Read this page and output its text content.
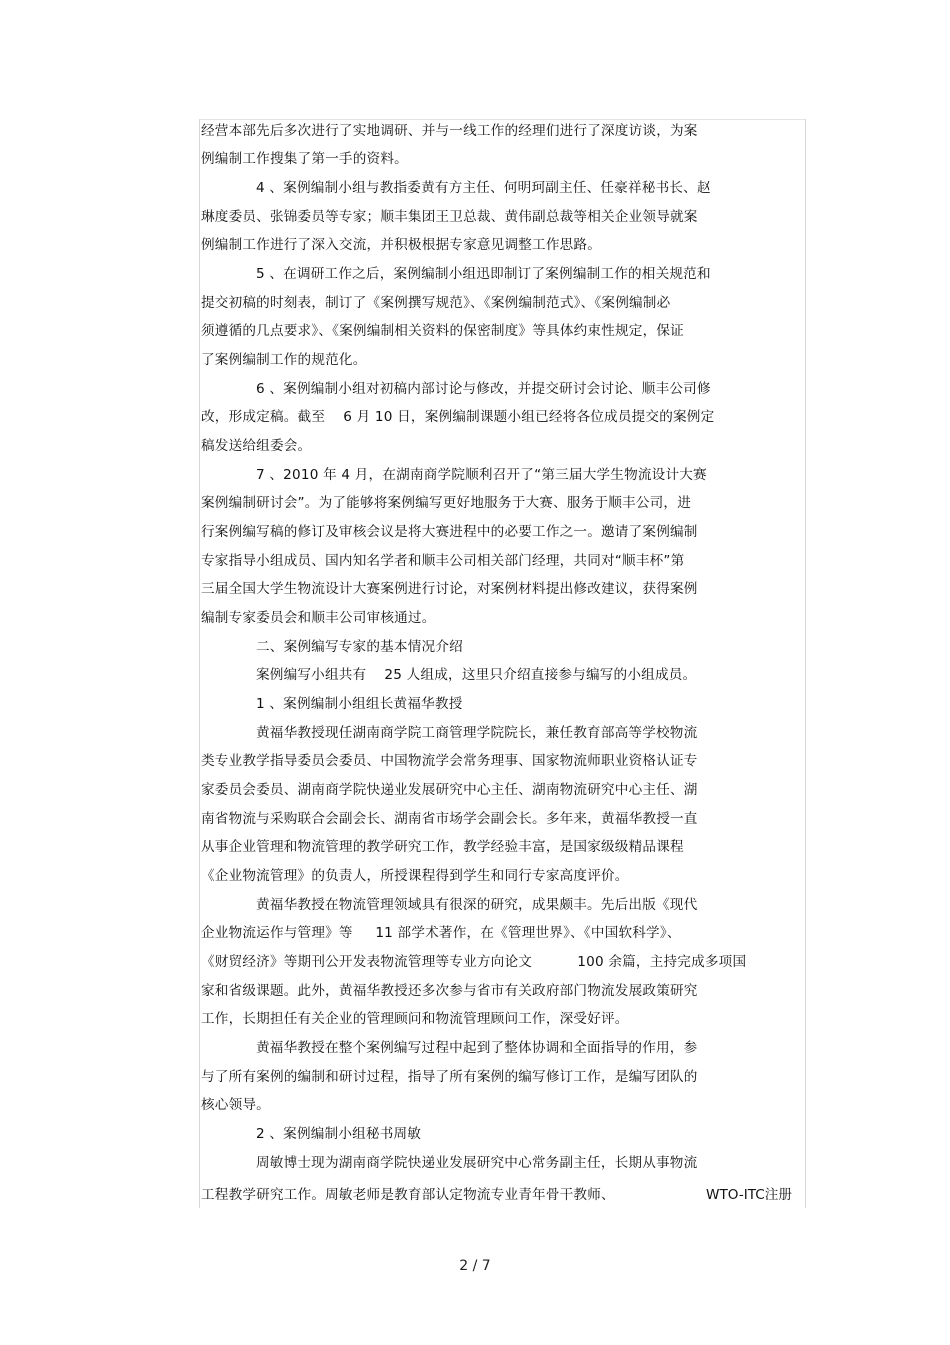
经营本部先后多次进行了实地调研、并与一线工作的经理们进行了深度访谈，为案
例编制工作搜集了第一手的资料。
4 、案例编制小组与教指委黄有方主任、何明珂副主任、任豪祥秘书长、赵
琳度委员、张锦委员等专家；顺丰集团王卫总裁、黄伟副总裁等相关企业领导就案
例编制工作进行了深入交流，并积极根据专家意见调整工作思路。
5 、在调研工作之后，案例编制小组迅即制订了案例编制工作的相关规范和
提交初稿的时刻表，制订了《案例撰写规范》、《案例编制范式》、《案例编制必
须遵循的几点要求》、《案例编制相关资料的保密制度》等具体约束性规定，保证
了案例编制工作的规范化。
6 、案例编制小组对初稿内部讨论与修改，并提交研讨会讨论、顺丰公司修
改，形成定稿。截至    6 月 10 日，案例编制课题小组已经将各位成员提交的案例定
稿发送给组委会。
7 、2010 年 4 月，在湖南商学院顺利召开了“第三届大学生物流设计大赛
案例编制研讨会”。为了能够将案例编写更好地服务于大赛、服务于顺丰公司，进
行案例编写稿的修订及审核会议是将大赛进程中的必要工作之一。邀请了案例编制
专家指导小组成员、国内知名学者和顺丰公司相关部门经理，共同对“顺丰杯”第
三届全国大学生物流设计大赛案例进行讨论，对案例材料提出修改建议，获得案例
编制专家委员会和顺丰公司审核通过。
二、案例编写专家的基本情况介绍
案例编写小组共有    25 人组成，这里只介绍直接参与编写的小组成员。
1 、案例编制小组组长黄福华教授
黄福华教授现任湖南商学院工商管理学院院长，兼任教育部高等学校物流
类专业教学指导委员会委员、中国物流学会常务理事、国家物流师职业资格认证专
家委员会委员、湖南商学院快递业发展研究中心主任、湖南物流研究中心主任、湖
南省物流与采购联合会副会长、湖南省市场学会副会长。多年来，黄福华教授一直
从事企业管理和物流管理的教学研究工作，教学经验丰富，是国家级级精品课程
《企业物流管理》的负责人，所授课程得到学生和同行专家高度评价。
黄福华教授在物流管理领域具有很深的研究，成果颇丰。先后出版《现代
企业物流运作与管理》等     11 部学术著作，在《管理世界》、《中国软科学》、
《财贸经济》等期刊公开发表物流管理等专业方向论文          100 余篇，主持完成多项国
家和省级课题。此外，黄福华教授还多次参与省市有关政府部门物流发展政策研究
工作，长期担任有关企业的管理顾问和物流管理顾问工作，深受好评。
黄福华教授在整个案例编写过程中起到了整体协调和全面指导的作用，参
与了所有案例的编制和研讨过程，指导了所有案例的编写修订工作，是编写团队的
核心领导。
2 、案例编制小组秘书周敏
周敏博士现为湖南商学院快递业发展研究中心常务副主任，长期从事物流
工程教学研究工作。周敏老师是教育部认定物流专业青年骨干教师、	WTO-ITC注册
2 / 7
